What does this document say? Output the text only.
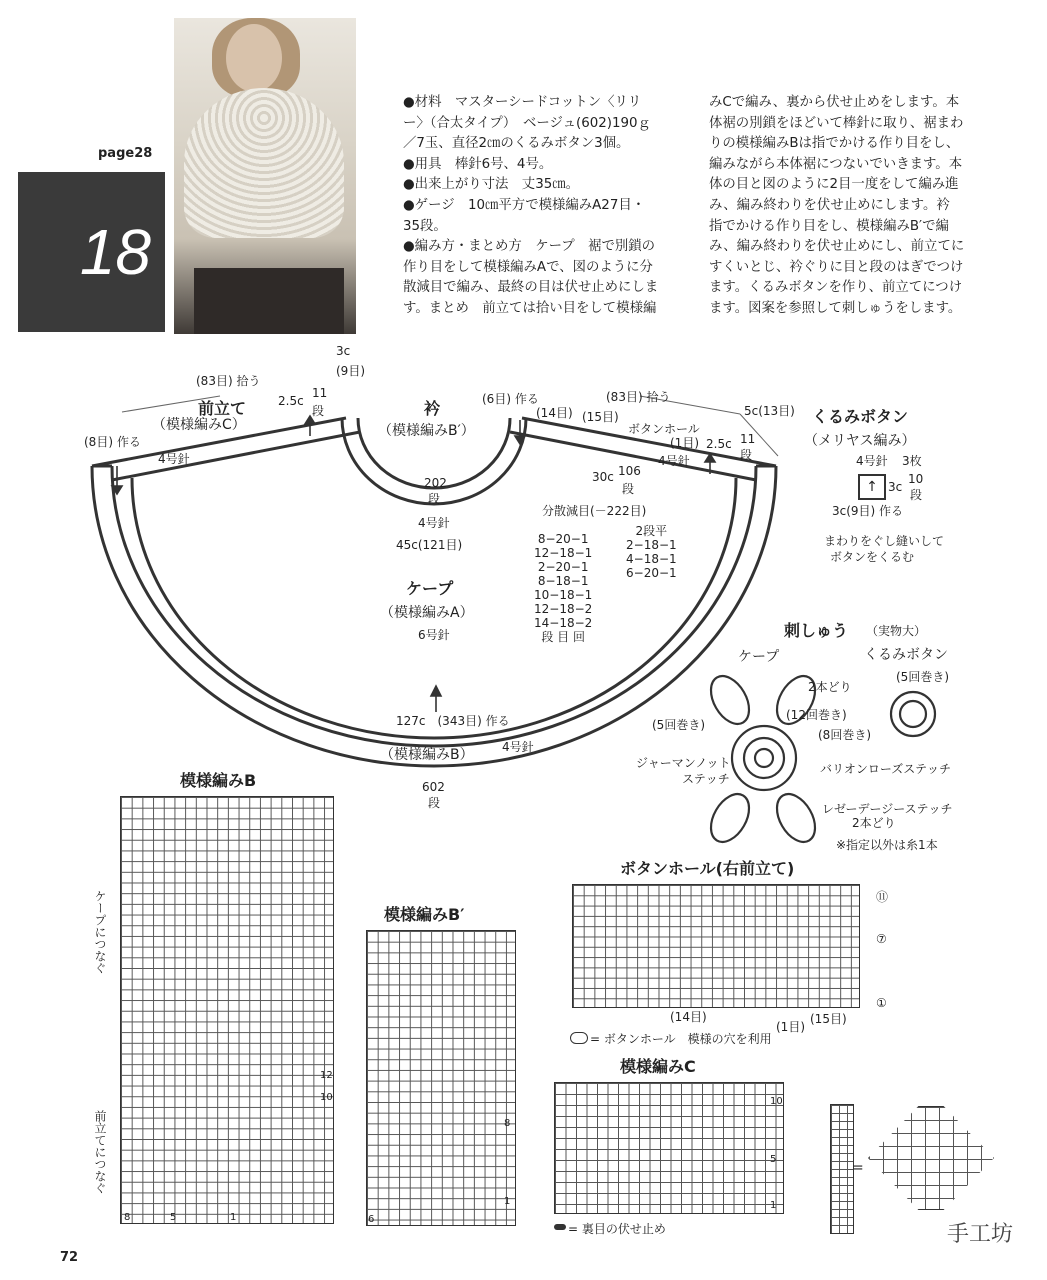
page28
18
●材料　マスターシードコットン〈リリ
ー〉（合太タイプ）　ベージュ(602)190ｇ
／7玉、直径2㎝のくるみボタン3個。
●用具　棒針6号、4号。
●出来上がり寸法　丈35㎝。
●ゲージ　10㎝平方で模様編みA27目・
35段。
●編み方・まとめ方　ケープ　裾で別鎖の
作り目をして模様編みAで、図のように分
散減目で編み、最終の目は伏せ止めにしま
す。まとめ　前立ては拾い目をして模様編
みCで編み、裏から伏せ止めをします。本
体裾の別鎖をほどいて棒針に取り、裾まわ
りの模様編みBは指でかける作り目をし、
編みながら本体裾につないでいきます。本
体の目と図のように2目一度をして編み進
み、編み終わりを伏せ止めにします。衿
指でかける作り目をし、模様編みB′で編
み、編み終わりを伏せ止めにし、前立てに
すくいとじ、衿ぐりに目と段のはぎでつけ
ます。くるみボタンを作り、前立てにつけ
ます。図案を参照して刺しゅうをします。
前立て
（模様編みC）
衿
（模様編みB′）
ケープ
（模様編みA）
6号針
（模様編みB） 4号針
602
段
(83目) 拾う
(83目) 拾う
3c
(9目)
2.5c
11
段
(8目) 作る
4号針
(6目) 作る
(14目) (15目)
ボタンホール
(1目)
4号針
5c(13目)
2.5c 11
段
30c 106
段
202
段
4号針
45c(121目)
127c　(343目) 作る
分散減目(－222目)
8−20−1
12−18−1
2−20−1
8−18−1
10−18−1
12−18−2
14−18−2
段 目 回
2段平
2−18−1
4−18−1
6−20−1
くるみボタン
（メリヤス編み）
4号針 3枚
↑ 3c
10
段
3c(9目) 作る
まわりをぐし縫いして
ボタンをくるむ
刺しゅう （実物大）
ケープ	くるみボタン
2本どり
(12回巻き)
(8回巻き)
(5回巻き)
(5回巻き)
ジャーマンノット
ステッチ
バリオンローズステッチ
レゼーデージーステッチ
2本どり
※指定以外は糸1本
模様編みB
ケープにつなぐ
前立てにつなぐ
12
10
8	5	1
模様編みB′
6
8
1
ボタンホール(右前立て)
⑪
⑦
①
(14目)
(1目)
(15目)
= ボタンホール　模様の穴を利用
模様編みC
10
5
1
= 裏目の伏せ止め
=
72
手工坊
